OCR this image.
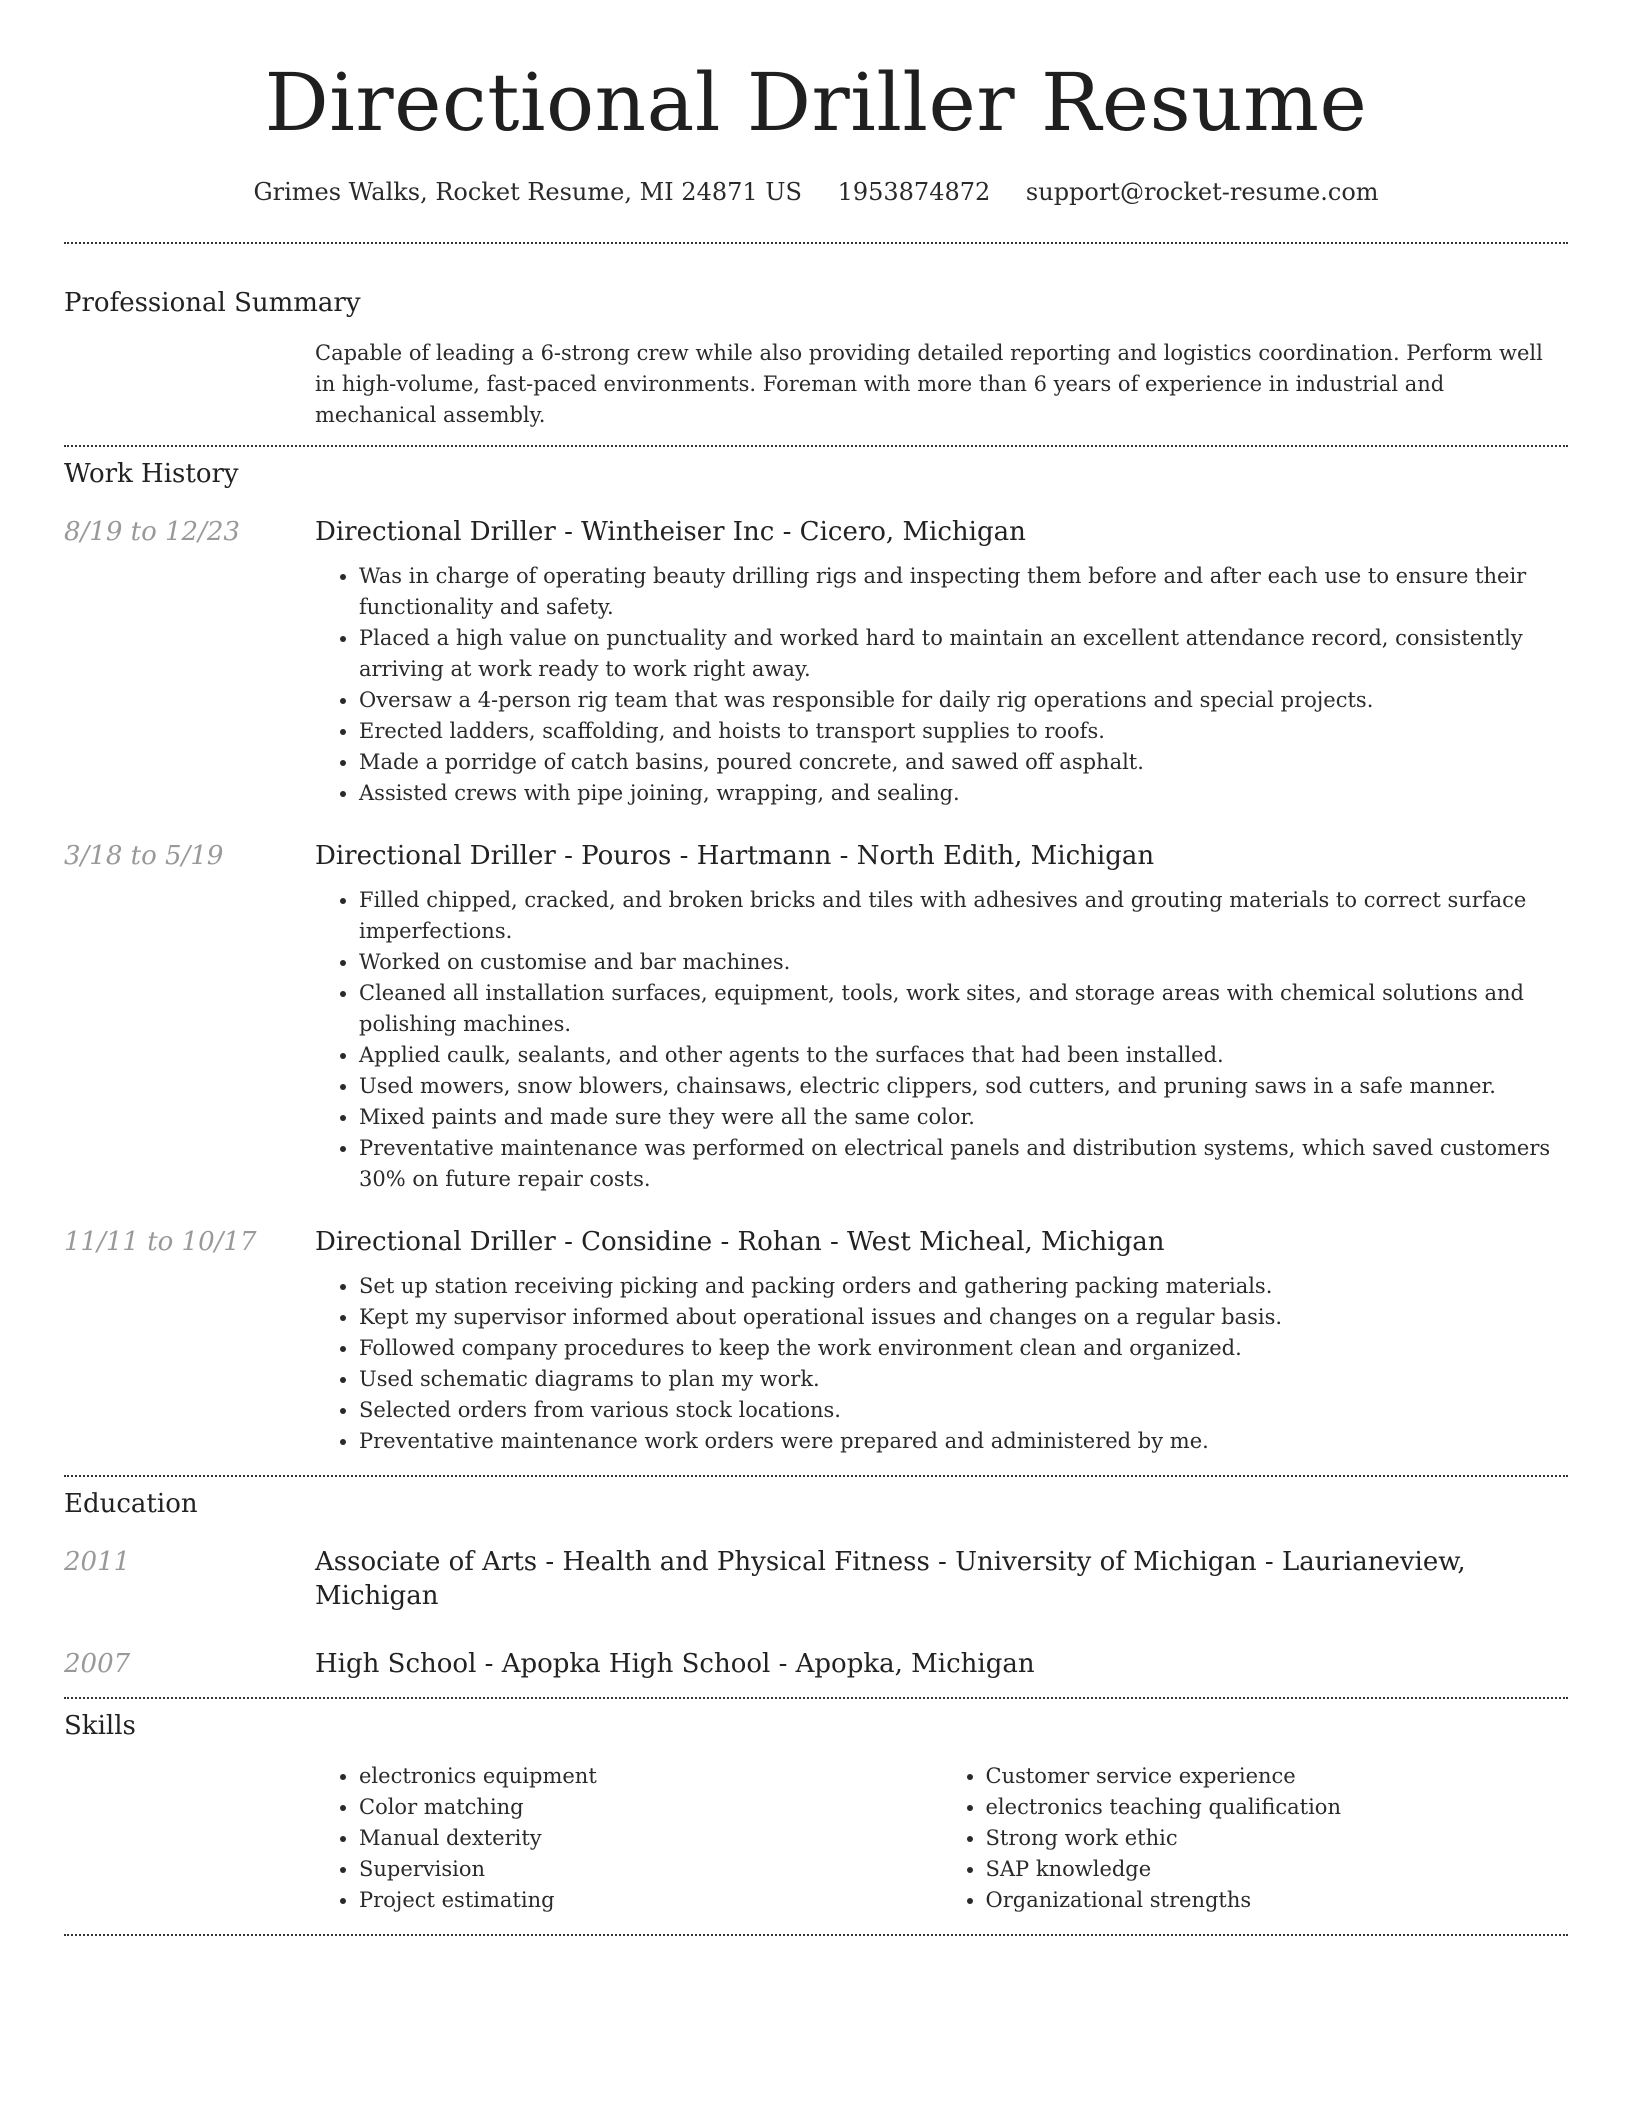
Directional Driller Resume
Grimes Walks, Rocket Resume, MI 24871 US 1953874872 support@rocket-resume.com
Professional Summary
Capable of leading a 6-strong crew while also providing detailed reporting and logistics coordination. Perform well in high-volume, fast-paced environments. Foreman with more than 6 years of experience in industrial and mechanical assembly.
Work History
8/19 to 12/23	Directional Driller - Wintheiser Inc - Cicero, Michigan
• Was in charge of operating beauty drilling rigs and inspecting them before and after each use to ensure their functionality and safety.
• Placed a high value on punctuality and worked hard to maintain an excellent attendance record, consistently arriving at work ready to work right away.
• Oversaw a 4-person rig team that was responsible for daily rig operations and special projects.
• Erected ladders, scaffolding, and hoists to transport supplies to roofs.
• Made a porridge of catch basins, poured concrete, and sawed off asphalt.
• Assisted crews with pipe joining, wrapping, and sealing.
3/18 to 5/19	Directional Driller - Pouros - Hartmann - North Edith, Michigan
• Filled chipped, cracked, and broken bricks and tiles with adhesives and grouting materials to correct surface imperfections.
• Worked on customise and bar machines.
• Cleaned all installation surfaces, equipment, tools, work sites, and storage areas with chemical solutions and polishing machines.
• Applied caulk, sealants, and other agents to the surfaces that had been installed.
• Used mowers, snow blowers, chainsaws, electric clippers, sod cutters, and pruning saws in a safe manner.
• Mixed paints and made sure they were all the same color.
• Preventative maintenance was performed on electrical panels and distribution systems, which saved customers 30% on future repair costs.
11/11 to 10/17	Directional Driller - Considine - Rohan - West Micheal, Michigan
• Set up station receiving picking and packing orders and gathering packing materials.
• Kept my supervisor informed about operational issues and changes on a regular basis.
• Followed company procedures to keep the work environment clean and organized.
• Used schematic diagrams to plan my work.
• Selected orders from various stock locations.
• Preventative maintenance work orders were prepared and administered by me.
Education
2011	Associate of Arts - Health and Physical Fitness - University of Michigan - Laurianeview, Michigan
2007	High School - Apopka High School - Apopka, Michigan
Skills
• electronics equipment
• Color matching
• Manual dexterity
• Supervision
• Project estimating
• Customer service experience
• electronics teaching qualification
• Strong work ethic
• SAP knowledge
• Organizational strengths
